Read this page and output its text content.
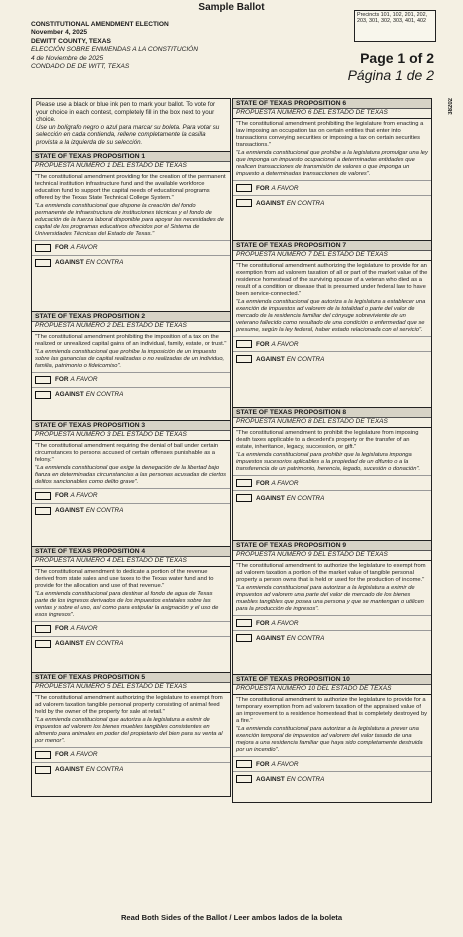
Sample Ballot
Precincts 101, 102, 201, 202, 203, 301, 302, 303, 401, 402
CONSTITUTIONAL AMENDMENT ELECTION
November 4, 2025
DEWITT COUNTY, TEXAS
ELECCIÓN SOBRE ENMIENDAS A LA CONSTITUCIÓN
4 de Noviembre de 2025
CONDADO DE DE WITT, TEXAS
Page 1 of 2
Página 1 de 2
38202
Please use a black or blue ink pen to mark your ballot. To vote for your choice in each contest, completely fill in the box next to your choice.
Use un bolígrafo negro o azul para marcar su boleta. Para votar su selección en cada contienda, rellene completamente la casilla provista a la izquierda de su selección.
STATE OF TEXAS PROPOSITION 1
PROPUESTA NÚMERO 1 DEL ESTADO DE TEXAS
"The constitutional amendment providing for the creation of the permanent technical institution infrastructure fund and the available workforce education fund to support the capital needs of educational programs offered by the Texas State Technical College System."
"La enmienda constitucional que dispone la creación del fondo permanente de infraestructura de instituciones técnicas y el fondo de educación de la fuerza laboral disponible para apoyar las necesidades de capital de los programas educativos ofrecidos por el Sistema de Universidades Técnicas del Estado de Texas."
FOR A FAVOR
AGAINST EN CONTRA
STATE OF TEXAS PROPOSITION 2
PROPUESTA NÚMERO 2 DEL ESTADO DE TEXAS
"The constitutional amendment prohibiting the imposition of a tax on the realized or unrealized capital gains of an individual, family, estate, or trust."
"La enmienda constitucional que prohíbe la imposición de un impuesto sobre las ganancias de capital realizadas o no realizadas de un individuo, familia, patrimonio o fideicomiso".
FOR A FAVOR
AGAINST EN CONTRA
STATE OF TEXAS PROPOSITION 3
PROPUESTA NÚMERO 3 DEL ESTADO DE TEXAS
"The constitutional amendment requiring the denial of bail under certain circumstances to persons accused of certain offenses punishable as a felony."
"La enmienda constitucional que exige la denegación de la libertad bajo fianza en determinadas circunstancias a las personas acusadas de ciertos delitos sancionables como delito grave".
FOR A FAVOR
AGAINST EN CONTRA
STATE OF TEXAS PROPOSITION 4
PROPUESTA NÚMERO 4 DEL ESTADO DE TEXAS
"The constitutional amendment to dedicate a portion of the revenue derived from state sales and use taxes to the Texas water fund and to provide for the allocation and use of that revenue."
"La enmienda constitucional para destinar al fondo de agua de Texas parte de los ingresos derivados de los impuestos estatales sobre las ventas y sobre el uso, así como para estipular la asignación y el uso de esos ingresos".
FOR A FAVOR
AGAINST EN CONTRA
STATE OF TEXAS PROPOSITION 5
PROPUESTA NÚMERO 5 DEL ESTADO DE TEXAS
"The constitutional amendment authorizing the legislature to exempt from ad valorem taxation tangible personal property consisting of animal feed held by the owner of the property for sale at retail."
"La enmienda constitucional que autoriza a la legislatura a eximir de impuestos ad valorem los bienes muebles tangibles consistentes en alimento para animales en poder del propietario del bien para su venta al por menor".
FOR A FAVOR
AGAINST EN CONTRA
STATE OF TEXAS PROPOSITION 6
PROPUESTA NÚMERO 6 DEL ESTADO DE TEXAS
"The constitutional amendment prohibiting the legislature from enacting a law imposing an occupation tax on certain entities that enter into transactions conveying securities or imposing a tax on certain securities transactions."
"La enmienda constitucional que prohíbe a la legislatura promulgar una ley que imponga un impuesto ocupacional a determinadas entidades que realicen transacciones de transmisión de valores o que imponga un impuesto a determinadas transacciones de valores".
FOR A FAVOR
AGAINST EN CONTRA
STATE OF TEXAS PROPOSITION 7
PROPUESTA NÚMERO 7 DEL ESTADO DE TEXAS
"The constitutional amendment authorizing the legislature to provide for an exemption from ad valorem taxation of all or part of the market value of the residence homestead of the surviving spouse of a veteran who died as a result of a condition or disease that is presumed under federal law to have been service-connected."
"La enmienda constitucional que autoriza a la legislatura a establecer una exención de impuestos ad valorem de la totalidad o parte del valor de mercado de la residencia familiar del cónyuge sobreviviente de un veterano fallecido como resultado de una condición o enfermedad que se presume, según la ley federal, haber estado relacionada con el servicio".
FOR A FAVOR
AGAINST EN CONTRA
STATE OF TEXAS PROPOSITION 8
PROPUESTA NÚMERO 8 DEL ESTADO DE TEXAS
"The constitutional amendment to prohibit the legislature from imposing death taxes applicable to a decedent's property or the transfer of an estate, inheritance, legacy, succession, or gift."
"La enmienda constitucional para prohibir que la legislatura imponga impuestos sucesorios aplicables a la propiedad de un difunto o a la transferencia de un patrimonio, herencia, legado, sucesión o donación".
FOR A FAVOR
AGAINST EN CONTRA
STATE OF TEXAS PROPOSITION 9
PROPUESTA NÚMERO 9 DEL ESTADO DE TEXAS
"The constitutional amendment to authorize the legislature to exempt from ad valorem taxation a portion of the market value of tangible personal property a person owns that is held or used for the production of income."
"La enmienda constitucional para autorizar a la legislatura a eximir de impuestos ad valorem una parte del valor de mercado de los bienes muebles tangibles que posea una persona y que se mantengan o utilicen para la producción de ingresos".
FOR A FAVOR
AGAINST EN CONTRA
STATE OF TEXAS PROPOSITION 10
PROPUESTA NÚMERO 10 DEL ESTADO DE TEXAS
"The constitutional amendment to authorize the legislature to provide for a temporary exemption from ad valorem taxation of the appraised value of an improvement to a residence homestead that is completely destroyed by a fire."
"La enmienda constitucional para autorizar a la legislatura a prever una exención temporal de impuestos ad valorem del valor tasado de una mejora a una residencia familiar que haya sido completamente destruida por un incendio".
FOR A FAVOR
AGAINST EN CONTRA
Read Both Sides of the Ballot / Leer ambos lados de la boleta
